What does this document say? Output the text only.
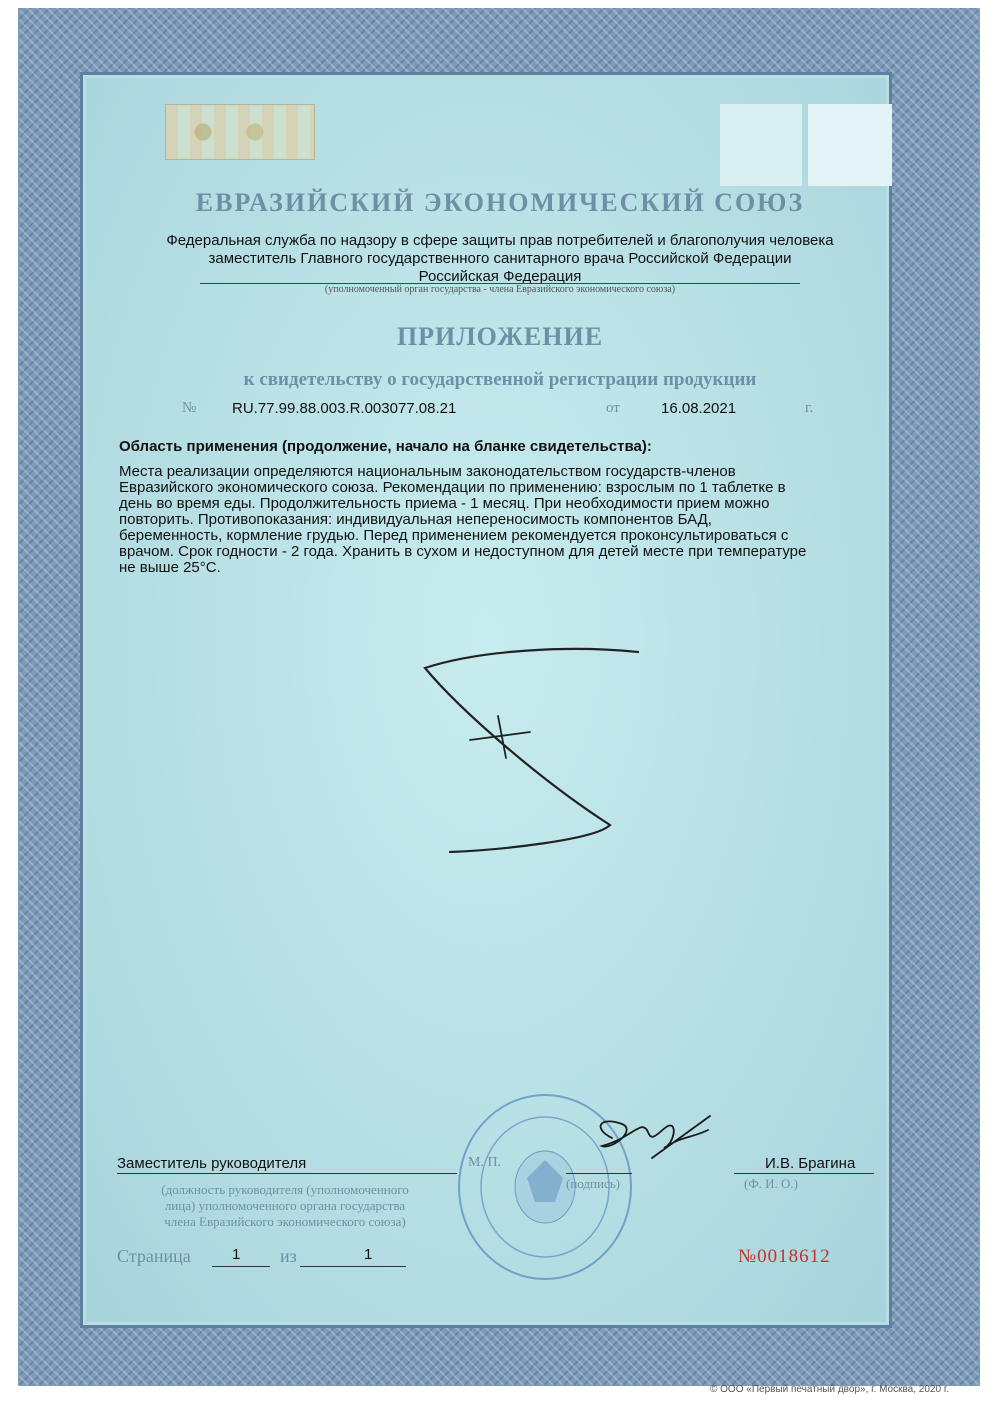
ЕВРАЗИЙСКИЙ ЭКОНОМИЧЕСКИЙ СОЮЗ
Федеральная служба по надзору в сфере защиты прав потребителей и благополучия человека
заместитель Главного государственного санитарного врача Российской Федерации
Российская Федерация
(уполномоченный орган государства - члена Евразийского экономического союза)
ПРИЛОЖЕНИЕ
к свидетельству о государственной регистрации продукции
№ RU.77.99.88.003.R.003077.08.21	от	16.08.2021	г.
Область применения (продолжение, начало на бланке свидетельства):
Места реализации определяются национальным законодательством государств-членов
Евразийского экономического союза. Рекомендации по применению: взрослым по 1 таблетке в
день во время еды. Продолжительность приема - 1 месяц. При необходимости прием можно
повторить. Противопоказания: индивидуальная непереносимость компонентов БАД,
беременность, кормление грудью. Перед применением рекомендуется проконсультироваться с
врачом. Срок годности - 2 года. Хранить в сухом и недоступном для детей месте при температуре
не выше 25°С.
Заместитель руководителя	М. П.	И.В. Брагина
(должность руководителя (уполномоченного
лица) уполномоченного органа государства
члена Евразийского экономического союза)
(подпись)	(Ф. И. О.)
Страница	1 из	1	№0018612
© ООО «Первый печатный двор», г. Москва, 2020 г.
